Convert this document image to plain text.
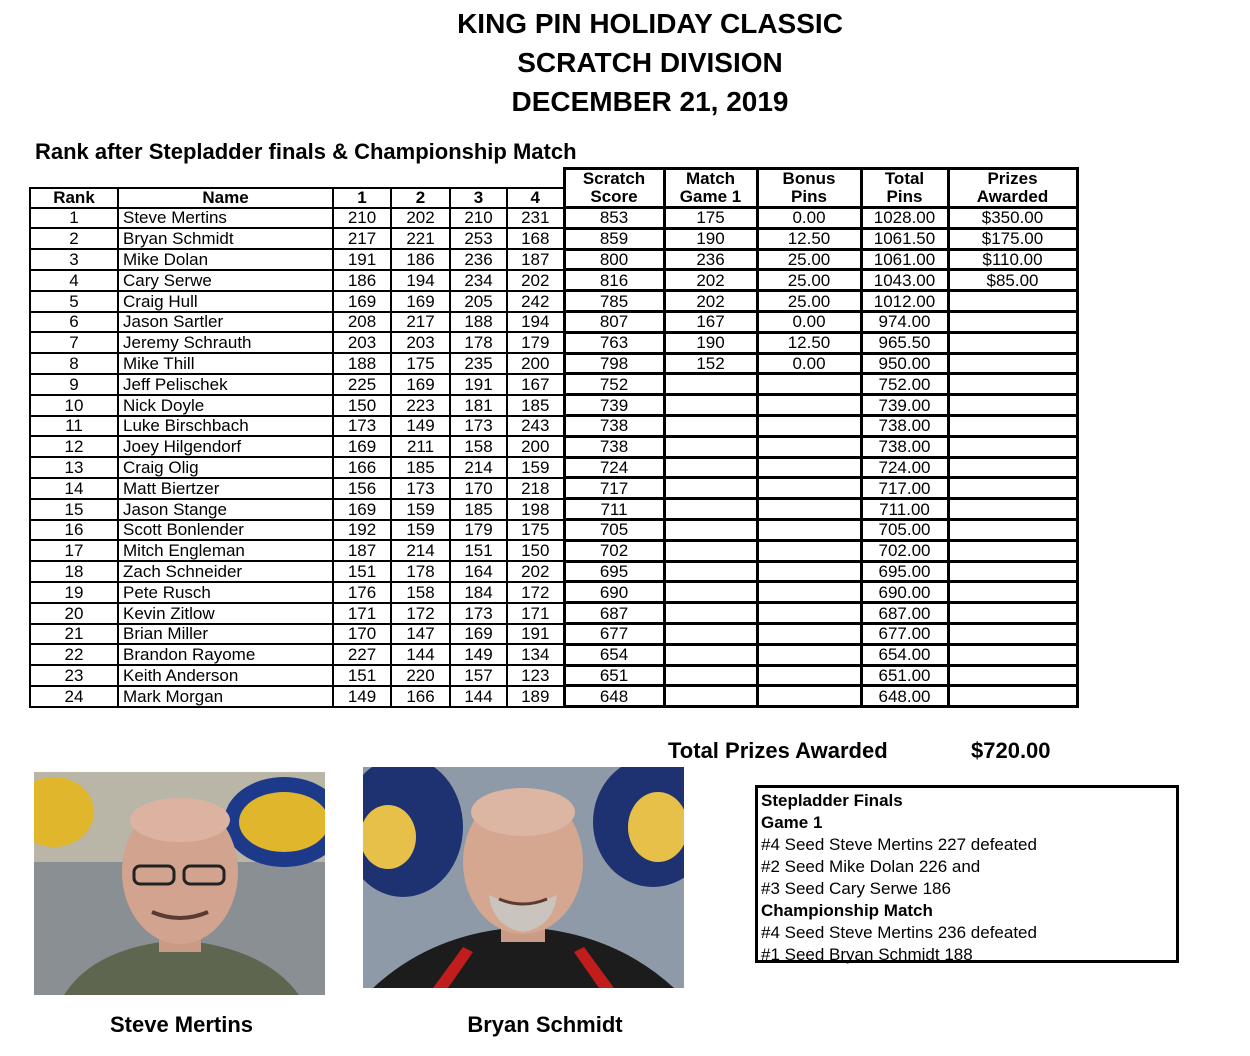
KING PIN HOLIDAY CLASSIC
SCRATCH DIVISION
DECEMBER 21, 2019
Rank after Stepladder finals & Championship Match
						Scratch	Match	Bonus	Total	Prizes
Rank	Name	1	2	3	4	Score	Game 1	Pins	Pins	Awarded
1	Steve Mertins	210	202	210	231	853	175	0.00	1028.00	$350.00
2	Bryan Schmidt	217	221	253	168	859	190	12.50	1061.50	$175.00
3	Mike Dolan	191	186	236	187	800	236	25.00	1061.00	$110.00
4	Cary Serwe	186	194	234	202	816	202	25.00	1043.00	$85.00
5	Craig Hull	169	169	205	242	785	202	25.00	1012.00	
6	Jason Sartler	208	217	188	194	807	167	0.00	974.00	
7	Jeremy Schrauth	203	203	178	179	763	190	12.50	965.50	
8	Mike Thill	188	175	235	200	798	152	0.00	950.00	
9	Jeff Pelischek	225	169	191	167	752			752.00	
10	Nick Doyle	150	223	181	185	739			739.00	
11	Luke Birschbach	173	149	173	243	738			738.00	
12	Joey Hilgendorf	169	211	158	200	738			738.00	
13	Craig Olig	166	185	214	159	724			724.00	
14	Matt Biertzer	156	173	170	218	717			717.00	
15	Jason Stange	169	159	185	198	711			711.00	
16	Scott Bonlender	192	159	179	175	705			705.00	
17	Mitch Engleman	187	214	151	150	702			702.00	
18	Zach Schneider	151	178	164	202	695			695.00	
19	Pete Rusch	176	158	184	172	690			690.00	
20	Kevin Zitlow	171	172	173	171	687			687.00	
21	Brian Miller	170	147	169	191	677			677.00	
22	Brandon Rayome	227	144	149	134	654			654.00	
23	Keith Anderson	151	220	157	123	651			651.00	
24	Mark Morgan	149	166	144	189	648			648.00	
Total Prizes Awarded	$720.00
Steve Mertins	Bryan Schmidt
Stepladder Finals
Game 1
#4 Seed Steve Mertins 227 defeated
#2 Seed Mike Dolan 226 and
#3 Seed Cary Serwe 186
Championship Match
#4 Seed Steve Mertins 236 defeated
#1 Seed Bryan Schmidt 188
